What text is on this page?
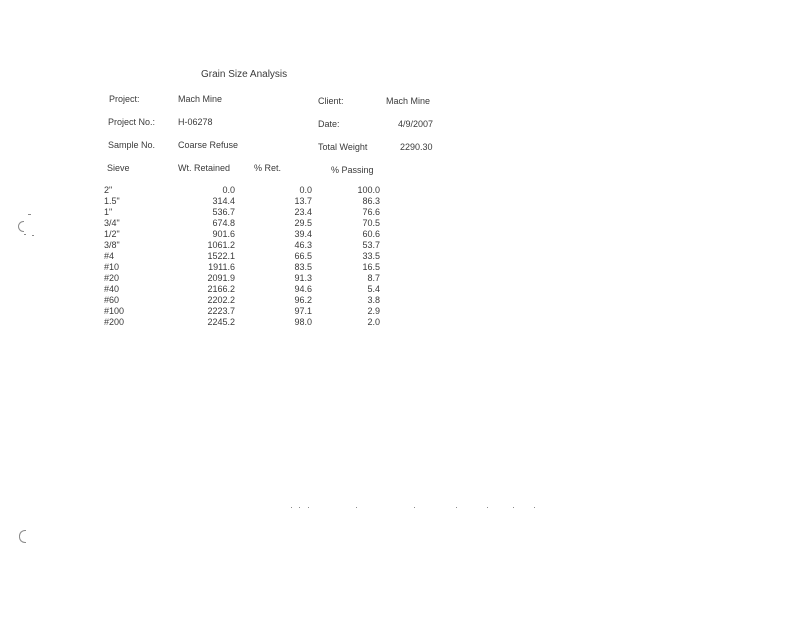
Grain Size Analysis
Project:	Mach Mine	Client:	Mach Mine
Project No.:	H-06278	Date:	4/9/2007
Sample No.	Coarse Refuse	Total Weight	2290.30
Sieve	Wt. Retained	% Ret.	% Passing
2"	0.0	0.0	100.0
1.5"	314.4	13.7	86.3
1"	536.7	23.4	76.6
3/4"	674.8	29.5	70.5
1/2"	901.6	39.4	60.6
3/8"	1061.2	46.3	53.7
#4	1522.1	66.5	33.5
#10	1911.6	83.5	16.5
#20	2091.9	91.3	8.7
#40	2166.2	94.6	5.4
#60	2202.2	96.2	3.8
#100	2223.7	97.1	2.9
#200	2245.2	98.0	2.0
